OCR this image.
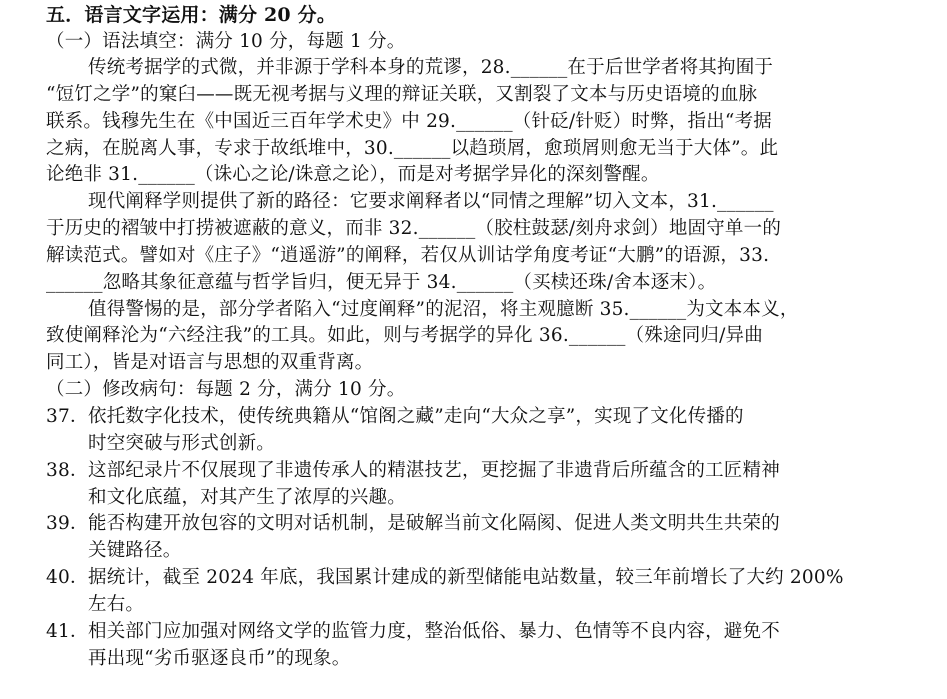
五．语言文字运用：满分 20 分。
（一）语法填空：满分 10 分，每题 1 分。
传统考据学的式微，并非源于学科本身的荒谬，28.______在于后世学者将其拘囿于
“饾饤之学”的窠臼——既无视考据与义理的辩证关联，又割裂了文本与历史语境的血脉
联系。钱穆先生在《中国近三百年学术史》中 29.______（针砭/针贬）时弊，指出“考据
之病，在脱离人事，专求于故纸堆中，30.______以趋琐屑，愈琐屑则愈无当于大体”。此
论绝非 31.______（诛心之论/诛意之论），而是对考据学异化的深刻警醒。
现代阐释学则提供了新的路径：它要求阐释者以“同情之理解”切入文本，31.______
于历史的褶皱中打捞被遮蔽的意义，而非 32.______（胶柱鼓瑟/刻舟求剑）地固守单一的
解读范式。譬如对《庄子》“逍遥游”的阐释，若仅从训诂学角度考证“大鹏”的语源，33.
______忽略其象征意蕴与哲学旨归，便无异于 34.______（买椟还珠/舍本逐末）。
值得警惕的是，部分学者陷入“过度阐释”的泥沼，将主观臆断 35.______为文本本义，
致使阐释沦为“六经注我”的工具。如此，则与考据学的异化 36.______（殊途同归/异曲
同工），皆是对语言与思想的双重背离。
（二）修改病句：每题 2 分，满分 10 分。
37． 依托数字化技术，使传统典籍从“馆阁之藏”走向“大众之享”，实现了文化传播的
时空突破与形式创新。
38． 这部纪录片不仅展现了非遗传承人的精湛技艺，更挖掘了非遗背后所蕴含的工匠精神
和文化底蕴，对其产生了浓厚的兴趣。
39． 能否构建开放包容的文明对话机制，是破解当前文化隔阂、促进人类文明共生共荣的
关键路径。
40． 据统计，截至 2024 年底，我国累计建成的新型储能电站数量，较三年前增长了大约 200%
左右。
41． 相关部门应加强对网络文学的监管力度，整治低俗、暴力、色情等不良内容，避免不
再出现“劣币驱逐良币”的现象。
